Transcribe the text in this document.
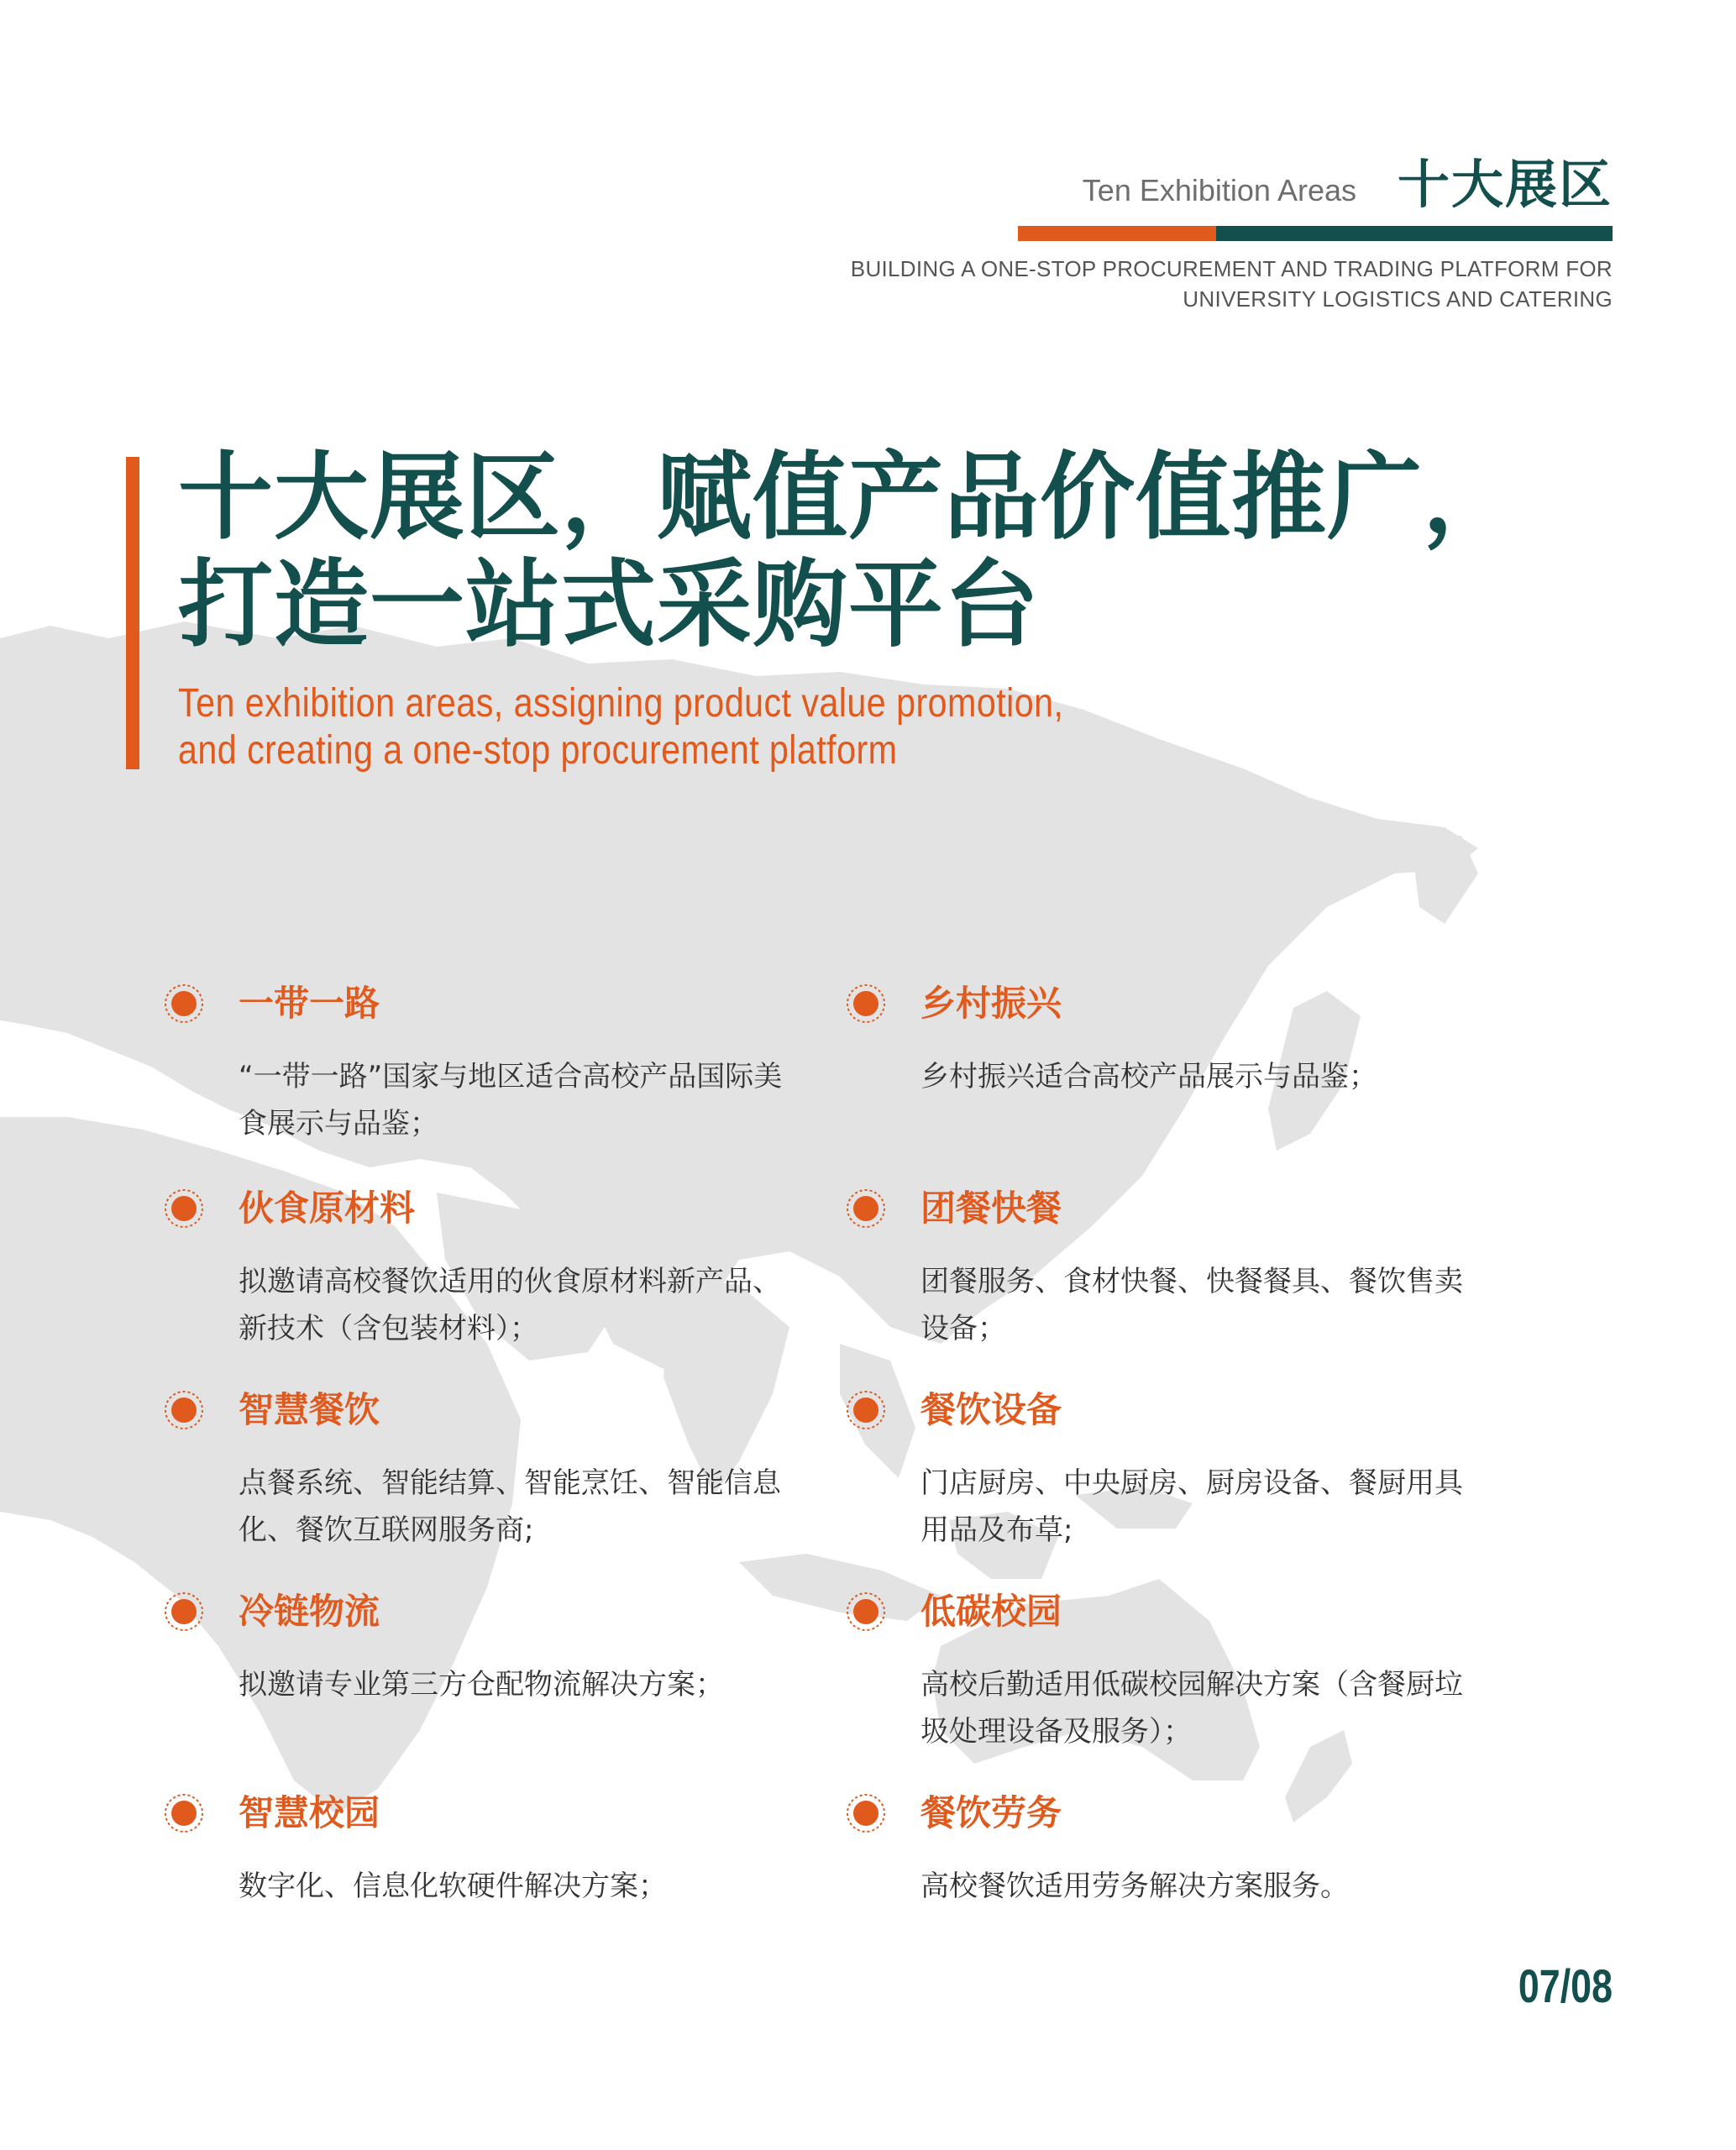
Ten Exhibition Areas 十大展区
BUILDING A ONE-STOP PROCUREMENT AND TRADING PLATFORM FOR
UNIVERSITY LOGISTICS AND CATERING
十大展区，赋值产品价值推广，
打造一站式采购平台
Ten exhibition areas, assigning product value promotion,
and creating a one-stop procurement platform
一带一路
“一带一路”国家与地区适合高校产品国际美食展示与品鉴；
乡村振兴
乡村振兴适合高校产品展示与品鉴；
伙食原材料
拟邀请高校餐饮适用的伙食原材料新产品、新技术（含包装材料）；
团餐快餐
团餐服务、食材快餐、快餐餐具、餐饮售卖设备；
智慧餐饮
点餐系统、智能结算、智能烹饪、智能信息化、餐饮互联网服务商;
餐饮设备
门店厨房、中央厨房、厨房设备、餐厨用具用品及布草;
冷链物流
拟邀请专业第三方仓配物流解决方案；
低碳校园
高校后勤适用低碳校园解决方案（含餐厨垃圾处理设备及服务）；
智慧校园
数字化、信息化软硬件解决方案；
餐饮劳务
高校餐饮适用劳务解决方案服务。
07/08
